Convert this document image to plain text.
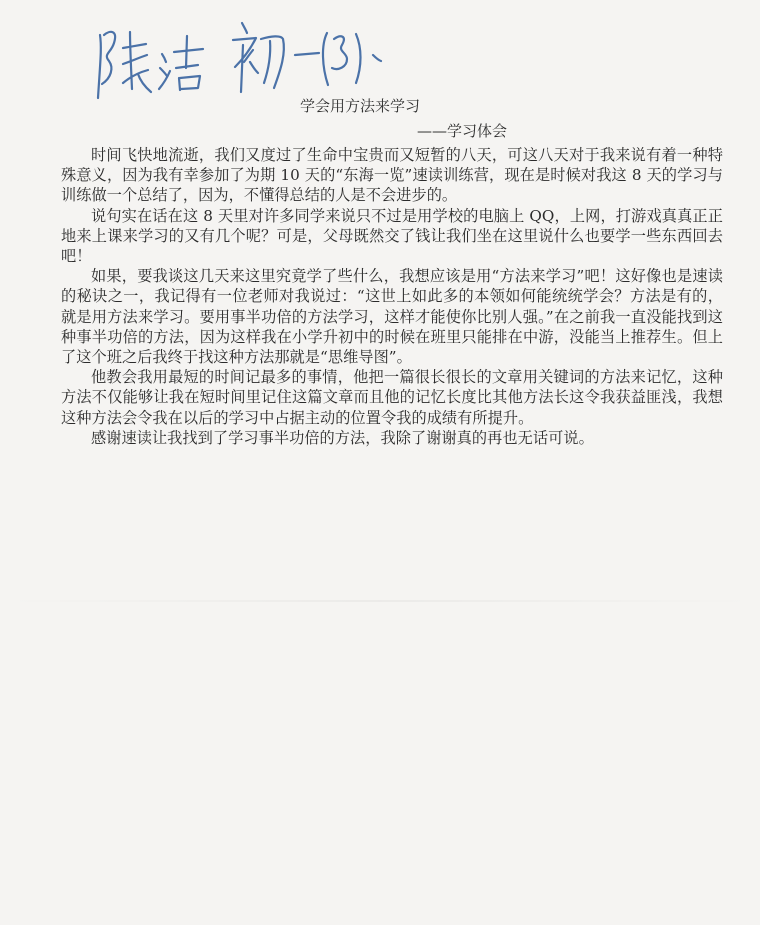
学会用方法来学习
——学习体会

时间飞快地流逝，我们又度过了生命中宝贵而又短暂的八天，可这八天对于我来说有着一种特殊意义，因为我有幸参加了为期 10 天的“东海一览”速读训练营，现在是时候对我这 8 天的学习与训练做一个总结了，因为，不懂得总结的人是不会进步的。

说句实在话在这 8 天里对许多同学来说只不过是用学校的电脑上 QQ，上网，打游戏真真正正地来上课来学习的又有几个呢？可是，父母既然交了钱让我们坐在这里说什么也要学一些东西回去吧！

如果，要我谈这几天来这里究竟学了些什么，我想应该是用“方法来学习”吧！这好像也是速读的秘诀之一，我记得有一位老师对我说过：“这世上如此多的本领如何能统统学会？方法是有的，就是用方法来学习。要用事半功倍的方法学习，这样才能使你比别人强。”在之前我一直没能找到这种事半功倍的方法，因为这样我在小学升初中的时候在班里只能排在中游，没能当上推荐生。但上了这个班之后我终于找这种方法那就是“思维导图”。

他教会我用最短的时间记最多的事情，他把一篇很长很长的文章用关键词的方法来记忆，这种方法不仅能够让我在短时间里记住这篇文章而且他的记忆长度比其他方法长这令我获益匪浅，我想这种方法会令我在以后的学习中占据主动的位置令我的成绩有所提升。

感谢速读让我找到了学习事半功倍的方法，我除了谢谢真的再也无话可说。
